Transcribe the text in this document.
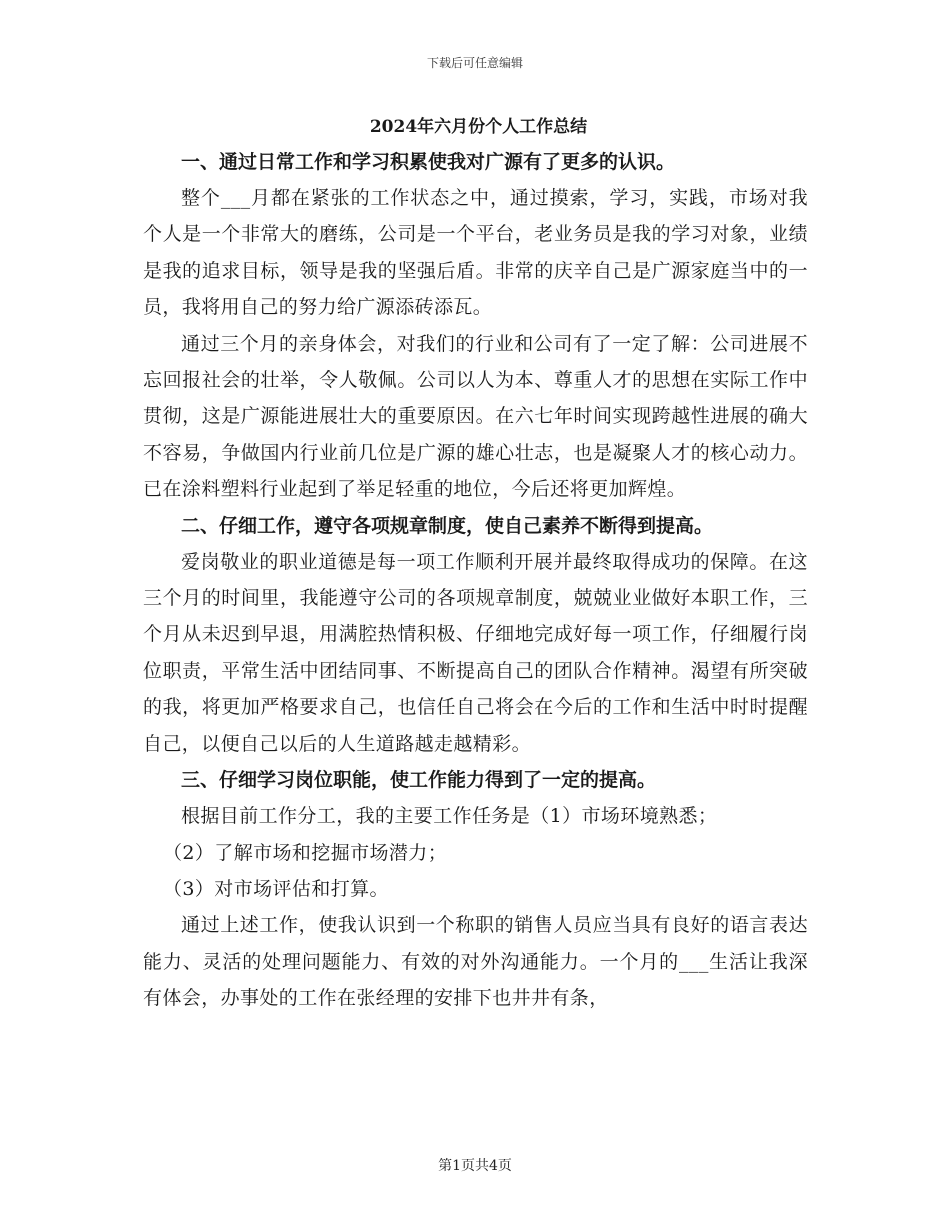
下载后可任意编辑

2024年六月份个人工作总结

一、通过日常工作和学习积累使我对广源有了更多的认识。

整个___月都在紧张的工作状态之中，通过摸索，学习，实践，市场对我个人是一个非常大的磨练，公司是一个平台，老业务员是我的学习对象，业绩是我的追求目标，领导是我的坚强后盾。非常的庆辛自己是广源家庭当中的一员，我将用自己的努力给广源添砖添瓦。

通过三个月的亲身体会，对我们的行业和公司有了一定了解：公司进展不忘回报社会的壮举，令人敬佩。公司以人为本、尊重人才的思想在实际工作中贯彻，这是广源能进展壮大的重要原因。在六七年时间实现跨越性进展的确大不容易，争做国内行业前几位是广源的雄心壮志，也是凝聚人才的核心动力。已在涂料塑料行业起到了举足轻重的地位，今后还将更加辉煌。

二、仔细工作，遵守各项规章制度，使自己素养不断得到提高。

爱岗敬业的职业道德是每一项工作顺利开展并最终取得成功的保障。在这三个月的时间里，我能遵守公司的各项规章制度，兢兢业业做好本职工作，三个月从未迟到早退，用满腔热情积极、仔细地完成好每一项工作，仔细履行岗位职责，平常生活中团结同事、不断提高自己的团队合作精神。渴望有所突破的我，将更加严格要求自己，也信任自己将会在今后的工作和生活中时时提醒自己，以便自己以后的人生道路越走越精彩。

三、仔细学习岗位职能，使工作能力得到了一定的提高。

根据目前工作分工，我的主要工作任务是（1）市场环境熟悉；

（2）了解市场和挖掘市场潜力；

（3）对市场评估和打算。

通过上述工作，使我认识到一个称职的销售人员应当具有良好的语言表达能力、灵活的处理问题能力、有效的对外沟通能力。一个月的___生活让我深有体会，办事处的工作在张经理的安排下也井井有条，

第1页共4页
